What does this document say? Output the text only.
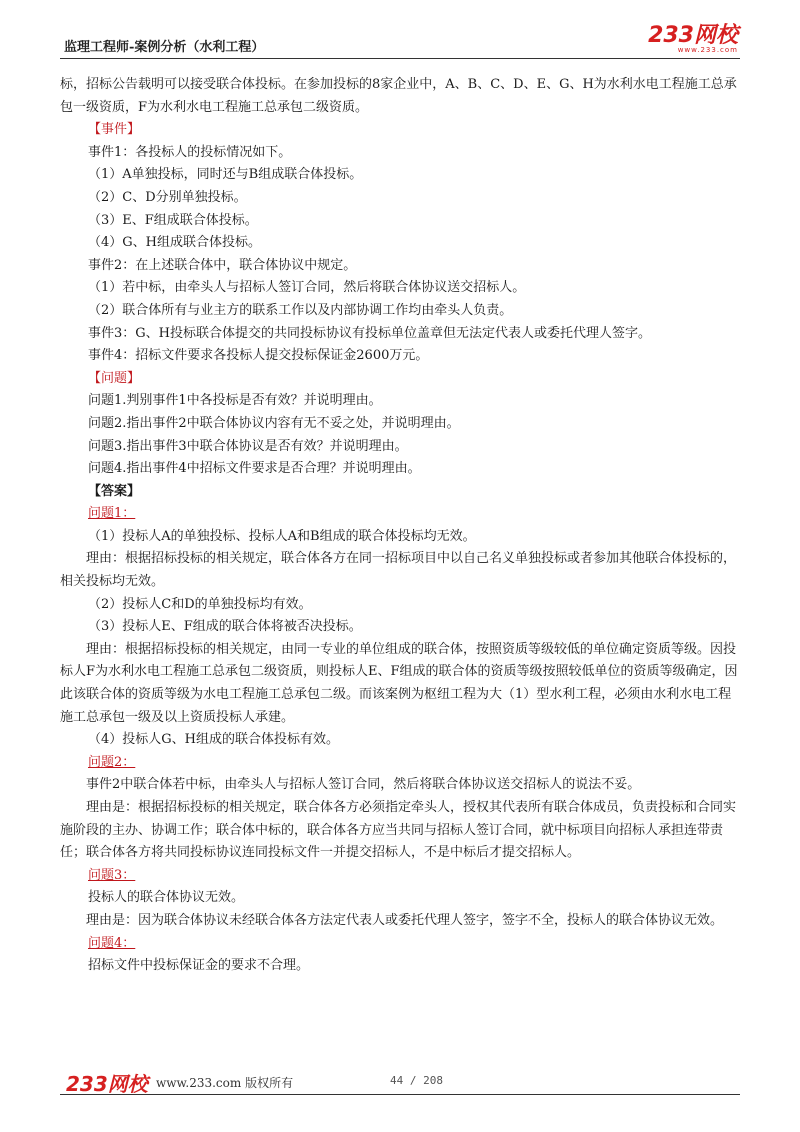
监理工程师-案例分析（水利工程）	233网校
www.233.com

标，招标公告载明可以接受联合体投标。在参加投标的8家企业中，A、B、C、D、E、G、H为水利水电工程施工总承包一级资质，F为水利水电工程施工总承包二级资质。

【事件】

事件1：各投标人的投标情况如下。

（1）A单独投标，同时还与B组成联合体投标。

（2）C、D分别单独投标。

（3）E、F组成联合体投标。

（4）G、H组成联合体投标。

事件2：在上述联合体中，联合体协议中规定。

（1）若中标，由牵头人与招标人签订合同，然后将联合体协议送交招标人。

（2）联合体所有与业主方的联系工作以及内部协调工作均由牵头人负责。

事件3：G、H投标联合体提交的共同投标协议有投标单位盖章但无法定代表人或委托代理人签字。

事件4：招标文件要求各投标人提交投标保证金2600万元。

【问题】

问题1.判别事件1中各投标是否有效？并说明理由。

问题2.指出事件2中联合体协议内容有无不妥之处，并说明理由。

问题3.指出事件3中联合体协议是否有效？并说明理由。

问题4.指出事件4中招标文件要求是否合理？并说明理由。

【答案】

问题1：

（1）投标人A的单独投标、投标人A和B组成的联合体投标均无效。

理由：根据招标投标的相关规定，联合体各方在同一招标项目中以自己名义单独投标或者参加其他联合体投标的，相关投标均无效。

（2）投标人C和D的单独投标均有效。

（3）投标人E、F组成的联合体将被否决投标。

理由：根据招标投标的相关规定，由同一专业的单位组成的联合体，按照资质等级较低的单位确定资质等级。因投标人F为水利水电工程施工总承包二级资质，则投标人E、F组成的联合体的资质等级按照较低单位的资质等级确定，因此该联合体的资质等级为水电工程施工总承包二级。而该案例为枢纽工程为大（1）型水利工程，必须由水利水电工程施工总承包一级及以上资质投标人承建。

（4）投标人G、H组成的联合体投标有效。

问题2：

事件2中联合体若中标，由牵头人与招标人签订合同，然后将联合体协议送交招标人的说法不妥。

理由是：根据招标投标的相关规定，联合体各方必须指定牵头人，授权其代表所有联合体成员，负责投标和合同实施阶段的主办、协调工作；联合体中标的，联合体各方应当共同与招标人签订合同，就中标项目向招标人承担连带责任；联合体各方将共同投标协议连同投标文件一并提交招标人，不是中标后才提交招标人。

问题3：

投标人的联合体协议无效。

理由是：因为联合体协议未经联合体各方法定代表人或委托代理人签字，签字不全，投标人的联合体协议无效。

问题4：

招标文件中投标保证金的要求不合理。

233网校 www.233.com 版权所有	44 / 208
